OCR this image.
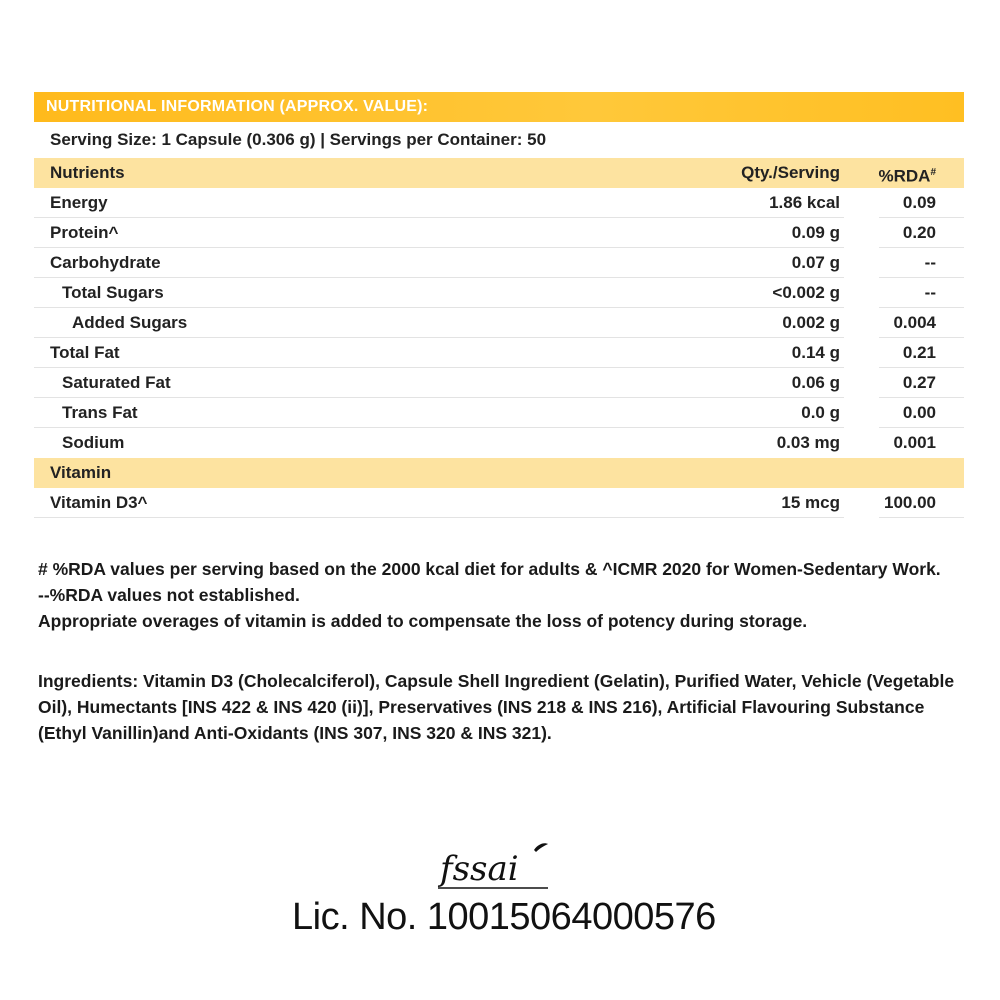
NUTRITIONAL INFORMATION (APPROX. VALUE):
Serving Size: 1 Capsule (0.306 g) | Servings per Container: 50
Nutrients	Qty./Serving %RDA#
Energy	1.86 kcal	0.09
Protein^	0.09 g	0.20
Carbohydrate	0.07 g	--
Total Sugars	<0.002 g	--
Added Sugars	0.002 g	0.004
Total Fat	0.14 g	0.21
Saturated Fat	0.06 g	0.27
Trans Fat	0.0 g	0.00
Sodium	0.03 mg	0.001
Vitamin
Vitamin D3^	15 mcg	100.00
# %RDA values per serving based on the 2000 kcal diet for adults & ^ICMR 2020 for Women-Sedentary Work.
--%RDA values not established.
Appropriate overages of vitamin is added to compensate the loss of potency during storage.
Ingredients: Vitamin D3 (Cholecalciferol), Capsule Shell Ingredient (Gelatin), Purified Water, Vehicle (Vegetable Oil), Humectants [INS 422 & INS 420 (ii)], Preservatives (INS 218 & INS 216), Artificial Flavouring Substance (Ethyl Vanillin)and Anti-Oxidants (INS 307, INS 320 & INS 321).
fssai
Lic. No. 10015064000576
